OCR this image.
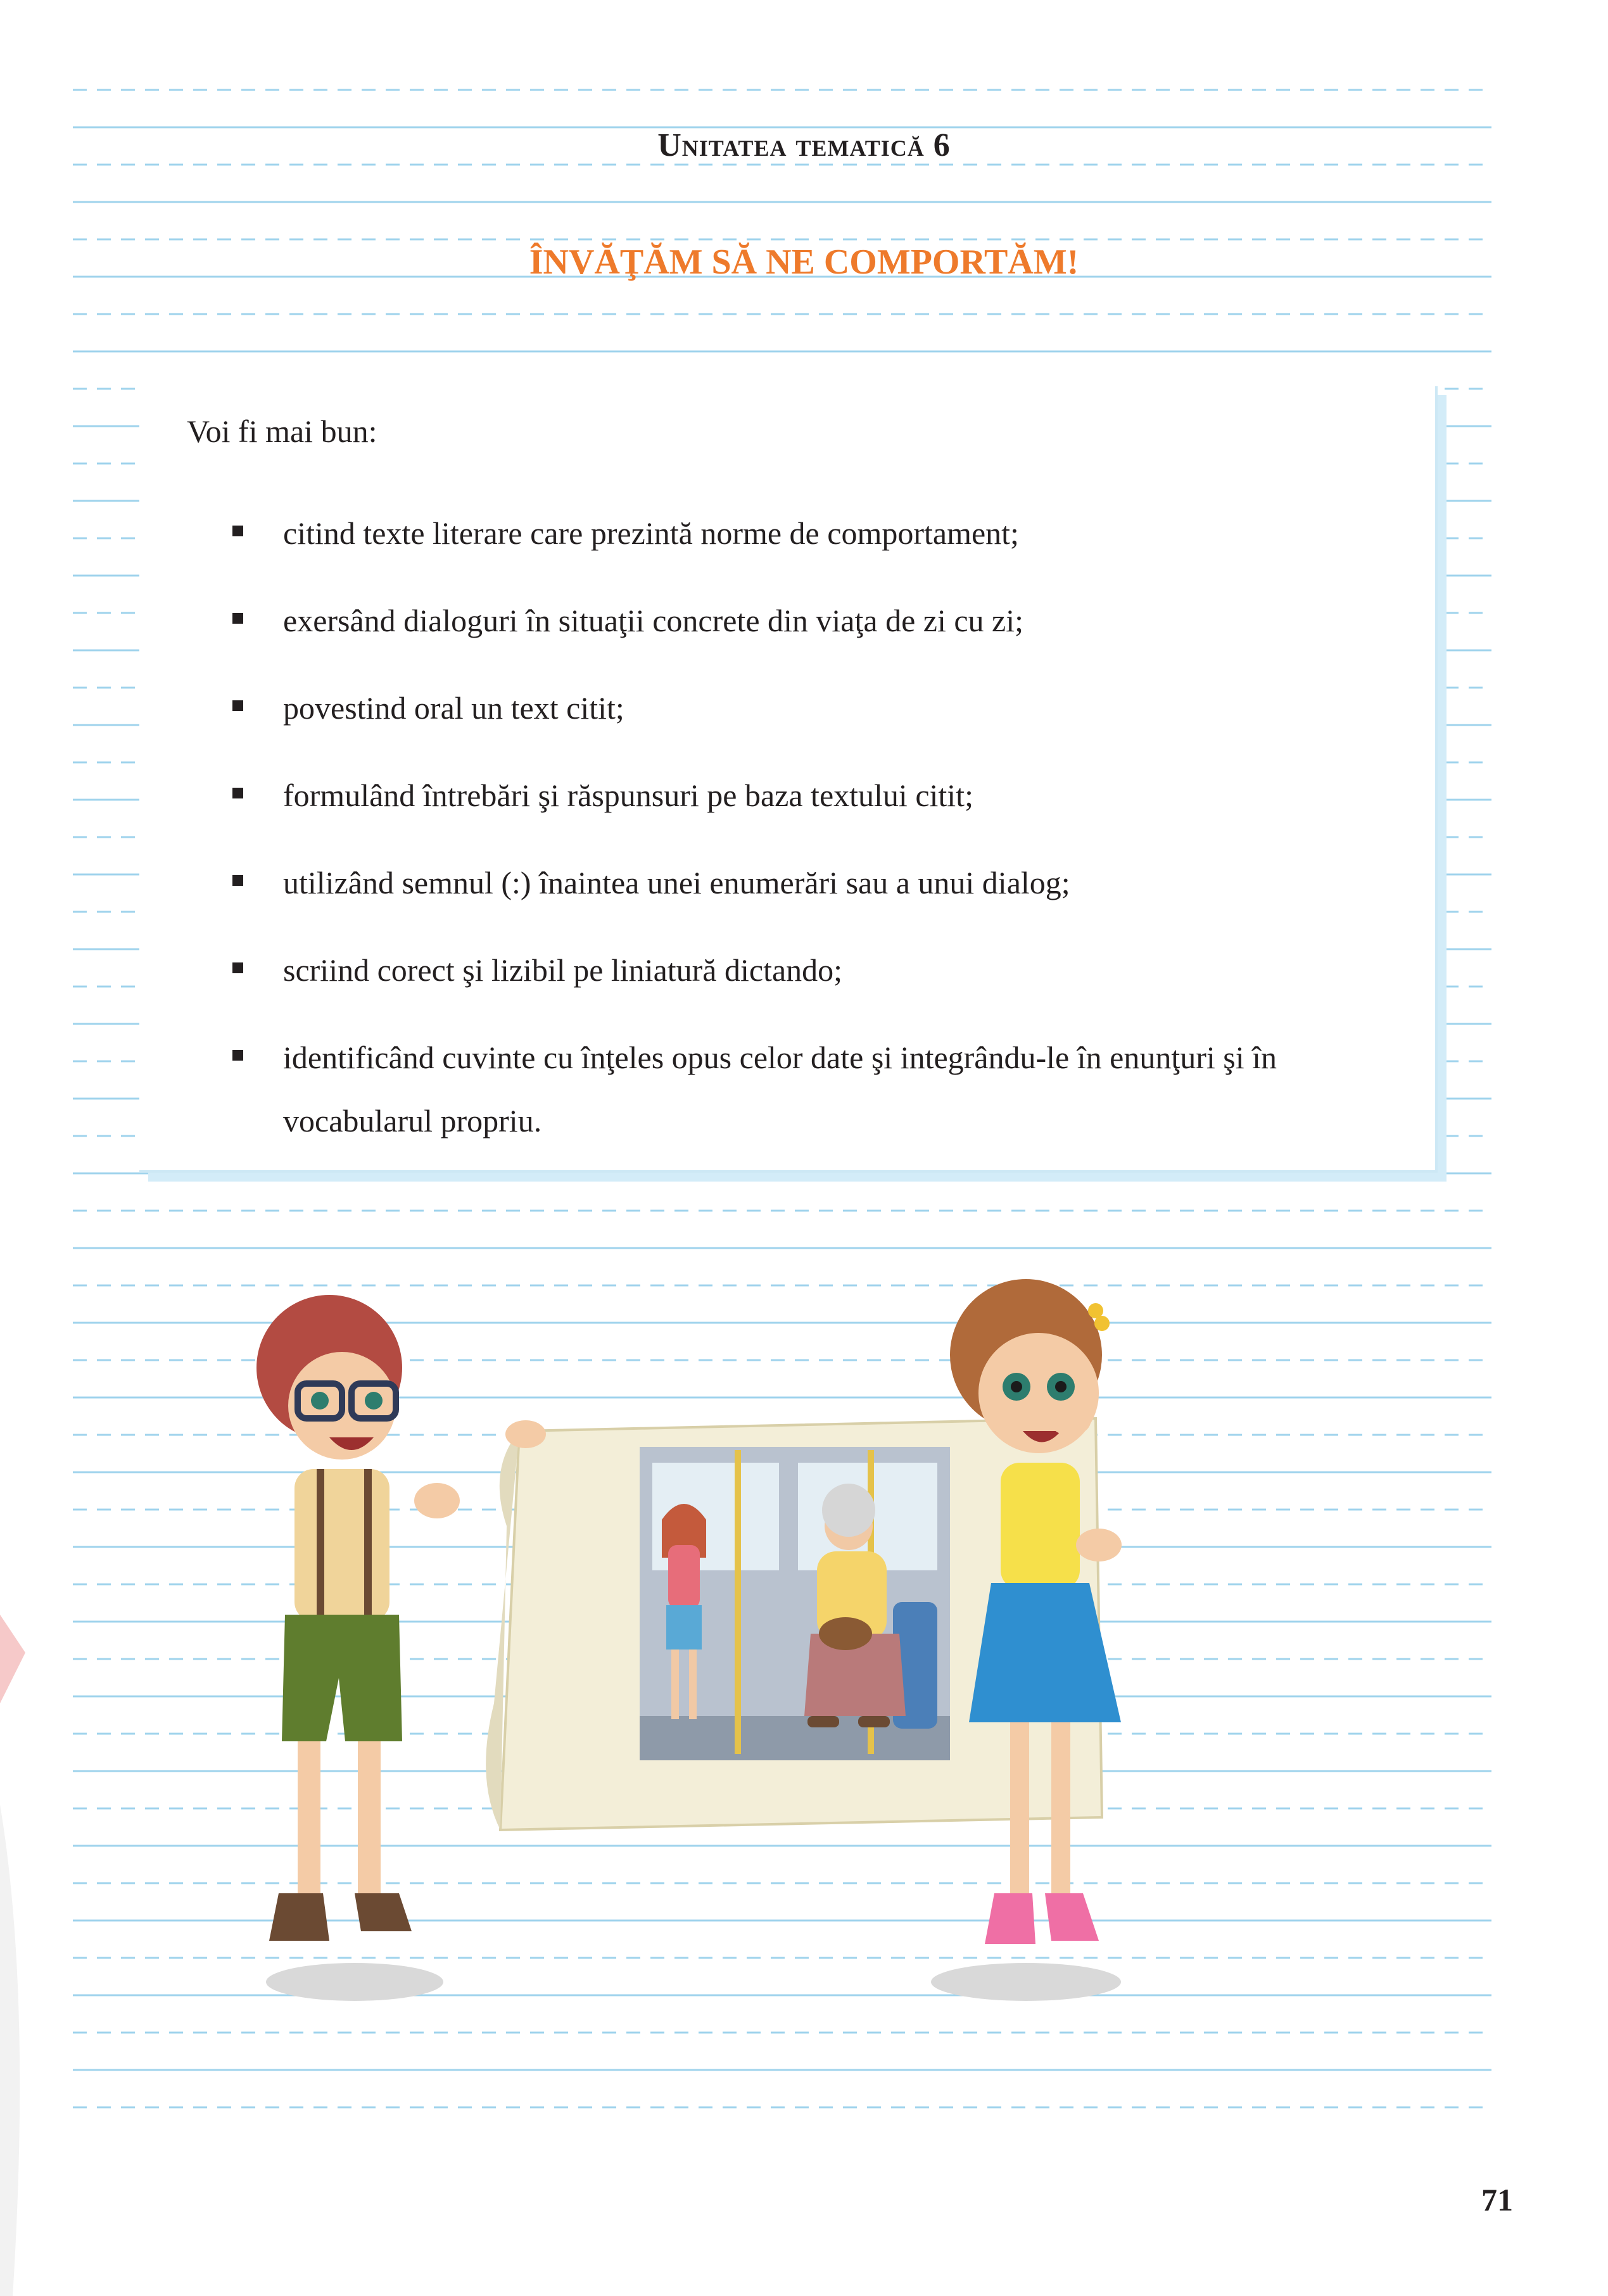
Unitatea tematică 6
ÎNVĂŢĂM SĂ NE COMPORTĂM!
Voi fi mai bun:
citind texte literare care prezintă norme de comportament;
exersând dialoguri în situaţii concrete din viaţa de zi cu zi;
povestind oral un text citit;
formulând întrebări şi răspunsuri pe baza textului citit;
utilizând semnul (:) înaintea unei enumerări sau a unui dialog;
scriind corect şi lizibil pe liniatură dictando;
identificând cuvinte cu înţeles opus celor date şi integrându-le în enunţuri şi în vocabularul propriu.
71
